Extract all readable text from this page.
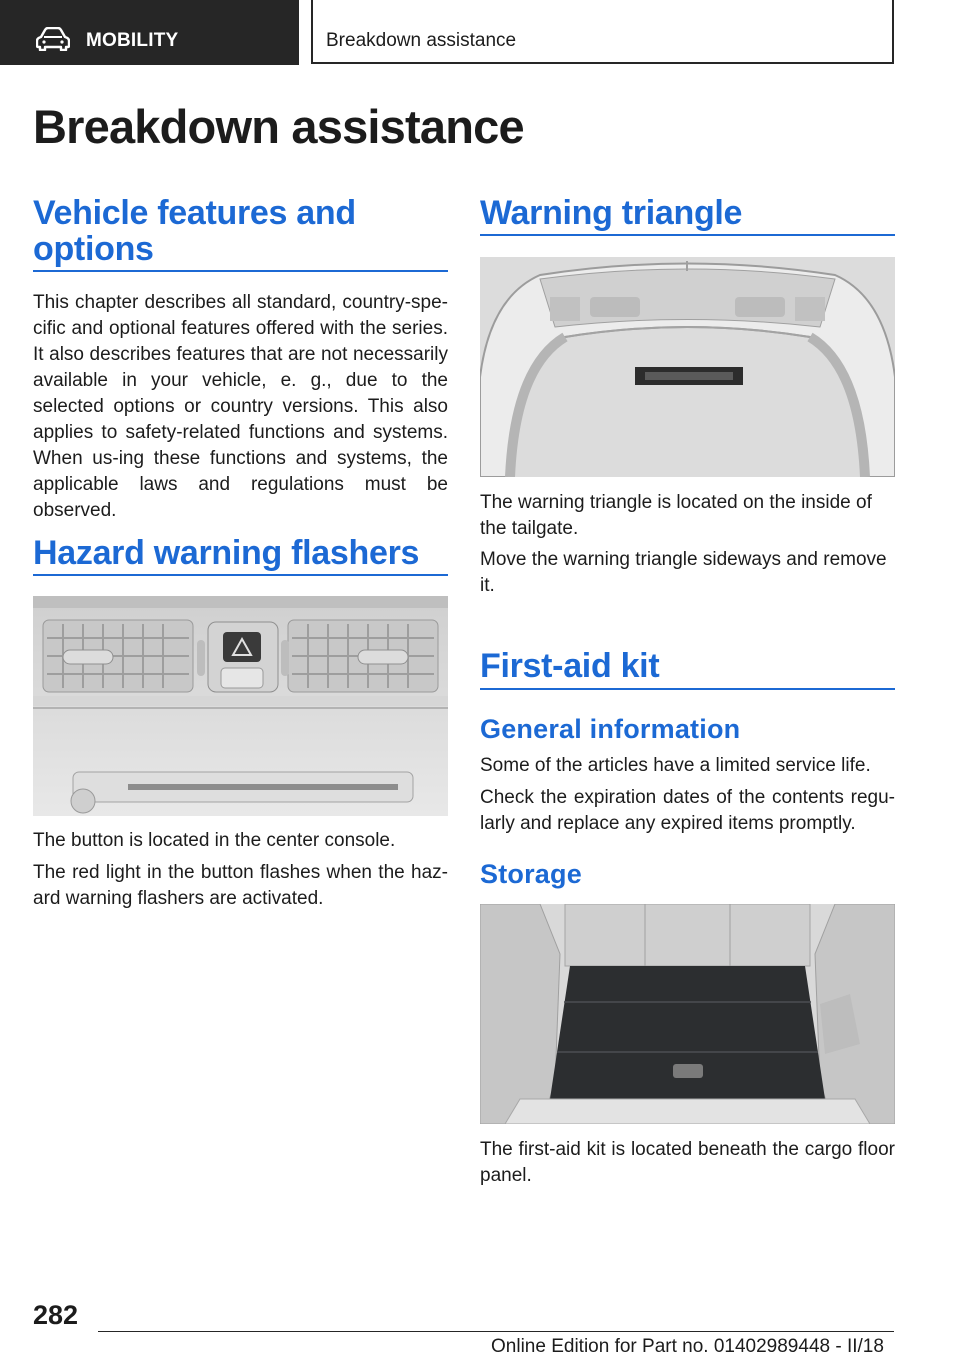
MOBILITY	Breakdown assistance
Breakdown assistance
Vehicle features and
options

This chapter describes all standard, country-spe‐cific and optional features offered with the series. It also describes features that are not necessarily available in your vehicle, e. g., due to the selected options or country versions. This also applies to safety-related functions and systems. When us‐ing these functions and systems, the applicable laws and regulations must be observed.

Hazard warning flashers

The button is located in the center console.

The red light in the button flashes when the haz‐ard warning flashers are activated.

Warning triangle

The warning triangle is located on the inside of the tailgate.

Move the warning triangle sideways and remove it.

First-aid kit
General information

Some of the articles have a limited service life.

Check the expiration dates of the contents regu‐larly and replace any expired items promptly.

Storage

The first-aid kit is located beneath the cargo floor panel.

282
Online Edition for Part no. 01402989448 - II/18
